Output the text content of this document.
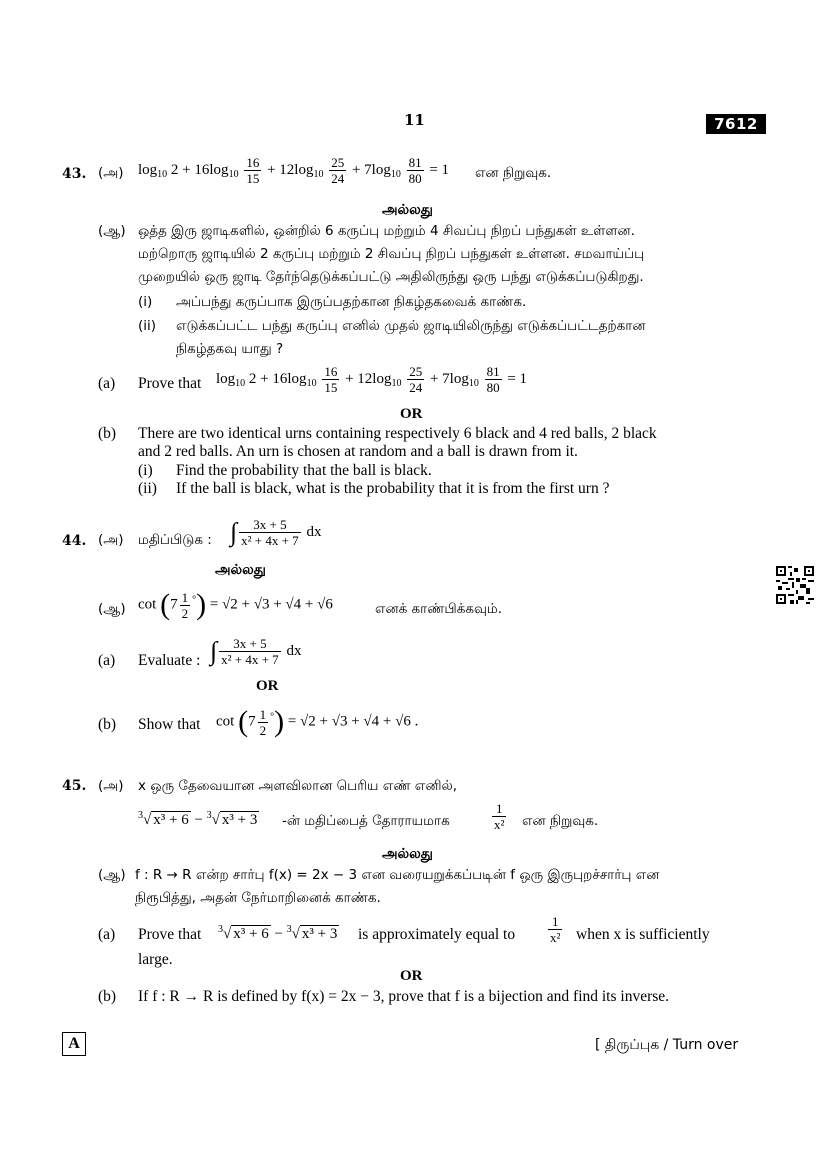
11	7612
43. (அ) $\log_{10} 2 + 16\log_{10} \frac{16}{15} + 12\log_{10} \frac{25}{24} + 7\log_{10} \frac{81}{80} = 1$ என நிறுவுக.
அல்லது
(ஆ) ஒத்த இரு ஜாடிகளில், ஒன்றில் 6 கருப்பு மற்றும் 4 சிவப்பு நிறப் பந்துகள் உள்ளன.
மற்றொரு ஜாடியில் 2 கருப்பு மற்றும் 2 சிவப்பு நிறப் பந்துகள் உள்ளன. சமவாய்ப்பு
முறையில் ஒரு ஜாடி தேர்ந்தெடுக்கப்பட்டு அதிலிருந்து ஒரு பந்து எடுக்கப்படுகிறது.
(i) அப்பந்து கருப்பாக இருப்பதற்கான நிகழ்தகவைக் காண்க.
(ii) எடுக்கப்பட்ட பந்து கருப்பு எனில் முதல் ஜாடியிலிருந்து எடுக்கப்பட்டதற்கான
நிகழ்தகவு யாது ?
(a) Prove that $\log_{10} 2 + 16\log_{10} \frac{16}{15} + 12\log_{10} \frac{25}{24} + 7\log_{10} \frac{81}{80} = 1$
OR
(b) There are two identical urns containing respectively 6 black and 4 red balls, 2 black
and 2 red balls. An urn is chosen at random and a ball is drawn from it.
(i) Find the probability that the ball is black.
(ii) If the ball is black, what is the probability that it is from the first urn ?
44. (அ) மதிப்பிடுக : ∫ $\frac{3x + 5}{\text{x² + 4x + 7}}$ dx
அல்லது
(ஆ) $\cot (7 \frac{1}{2} ^\circ) = √2 + √3 + √4 + √6$	எனக் காண்பிக்கவும்.
(a) Evaluate : ∫ $\frac{3x + 5}{\text{x² + 4x + 7}}$ dx
OR
(b) Show that $\cot (7 \frac{1}{2} ^\circ) = √2 + √3 + √4 + √6$ .
45. (அ) x ஒரு தேவையான அளவிலான பெரிய எண் எனில்,
$^3$√ x³ + 6 − $^3$√ x³ + 3 -ன் மதிப்பைத் தோராயமாக	$\frac{1}{\text{x²}}$ என நிறுவுக.
அல்லது
(ஆ) f : R → R என்ற சார்பு f(x) = 2x − 3 என வரையறுக்கப்படின் f ஒரு இருபுறச்சார்பு என
நிரூபித்து, அதன் நேர்மாறினைக் காண்க.
(a) Prove that $^3$√ x³ + 6 − $^3$√ x³ + 3 is approximately equal to	$\frac{1}{\text{x²}}$ when x is sufficiently
large.
OR
(b) If f : R → R is defined by f(x) = 2x − 3, prove that f is a bijection and find its inverse.
A	[ திருப்புக / Turn over
